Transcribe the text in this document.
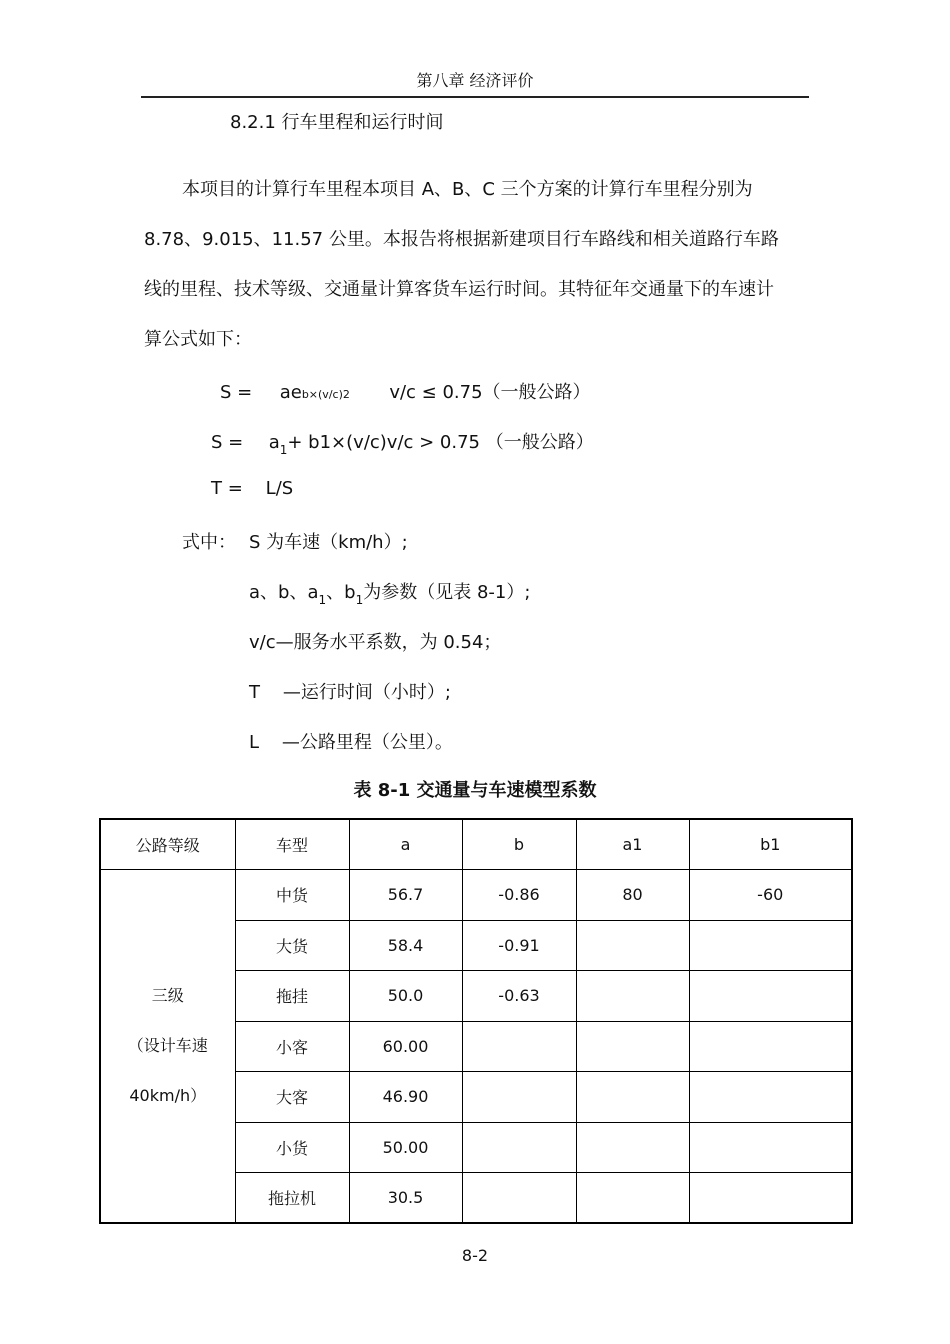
第八章 经济评价
8.2.1 行车里程和运行时间
本项目的计算行车里程本项目 A、B、C 三个方案的计算行车里程分别为
8.78、9.015、11.57 公里。本报告将根据新建项目行车路线和相关道路行车路
线的里程、技术等级、交通量计算客货车运行时间。其特征年交通量下的车速计
算公式如下：
S = aeb×(v/c)2 v/c ≤ 0.75（一般公路）
$S = a_1+ b1\times(v/c)v/c > 0.75$ （一般公路）
T =    L/S
式中： S 为车速（km/h）;
a、b、$a_1$、$b_1$为参数（见表 8-1）;
v/c—服务水平系数，为 0.54；
T    —运行时间（小时）;
L    —公路里程（公里）。
表 8-1 交通量与车速模型系数
公路等级	车型	a	b	a1	b1

三级
（设计车速
40km/h）	中货	56.7	-0.86	80	-60
	大货	58.4	-0.91		
	拖挂	50.0	-0.63		
	小客	60.00			
	大客	46.90			
	小货	50.00			
	拖拉机	30.5			
8-2
